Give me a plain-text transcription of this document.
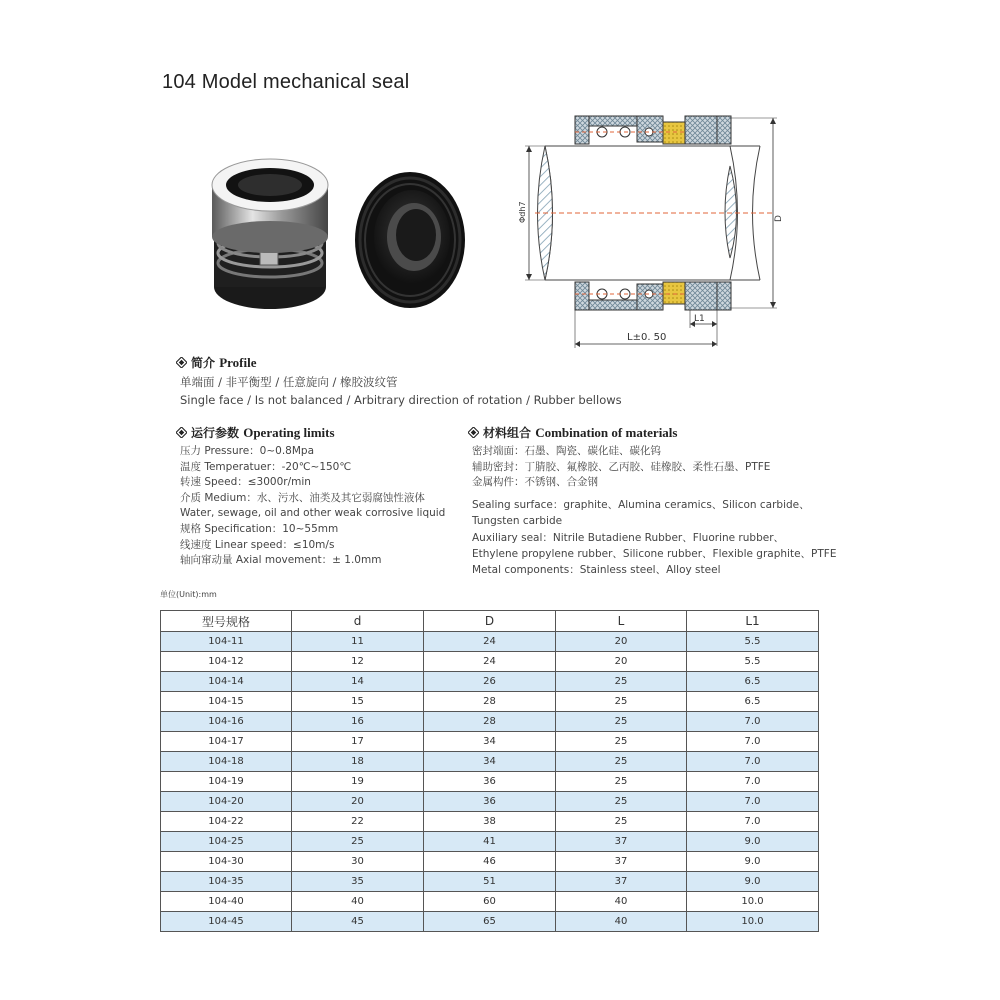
104 Model mechanical seal
Φdh7	D
L1
L±0. 50
简介 Profile
单端面 / 非平衡型 / 任意旋向 / 橡胶波纹管
Single face / Is not balanced / Arbitrary direction of rotation / Rubber bellows
运行参数 Operating limits
压力 Pressure：0~0.8Mpa
温度 Temperatuer：-20℃~150℃
转速 Speed：≤3000r/min
介质 Medium：水、污水、油类及其它弱腐蚀性液体
Water, sewage, oil and other weak corrosive liquid
规格 Specification：10~55mm
线速度 Linear speed：≤10m/s
轴向窜动量 Axial movement：± 1.0mm
材料组合 Combination of materials
密封端面：石墨、陶瓷、碳化硅、碳化钨
辅助密封：丁腈胶、氟橡胶、乙丙胶、硅橡胶、柔性石墨、PTFE
金属构件：不锈钢、合金钢
Sealing surface：graphite、Alumina ceramics、Silicon carbide、
Tungsten carbide
Auxiliary seal：Nitrile Butadiene Rubber、Fluorine rubber、
Ethylene propylene rubber、Silicone rubber、Flexible graphite、PTFE
Metal components：Stainless steel、Alloy steel
单位(Unit):mm
型号规格	d	D	L	L1
104-11	11	24	20	5.5
104-12	12	24	20	5.5
104-14	14	26	25	6.5
104-15	15	28	25	6.5
104-16	16	28	25	7.0
104-17	17	34	25	7.0
104-18	18	34	25	7.0
104-19	19	36	25	7.0
104-20	20	36	25	7.0
104-22	22	38	25	7.0
104-25	25	41	37	9.0
104-30	30	46	37	9.0
104-35	35	51	37	9.0
104-40	40	60	40	10.0
104-45	45	65	40	10.0
